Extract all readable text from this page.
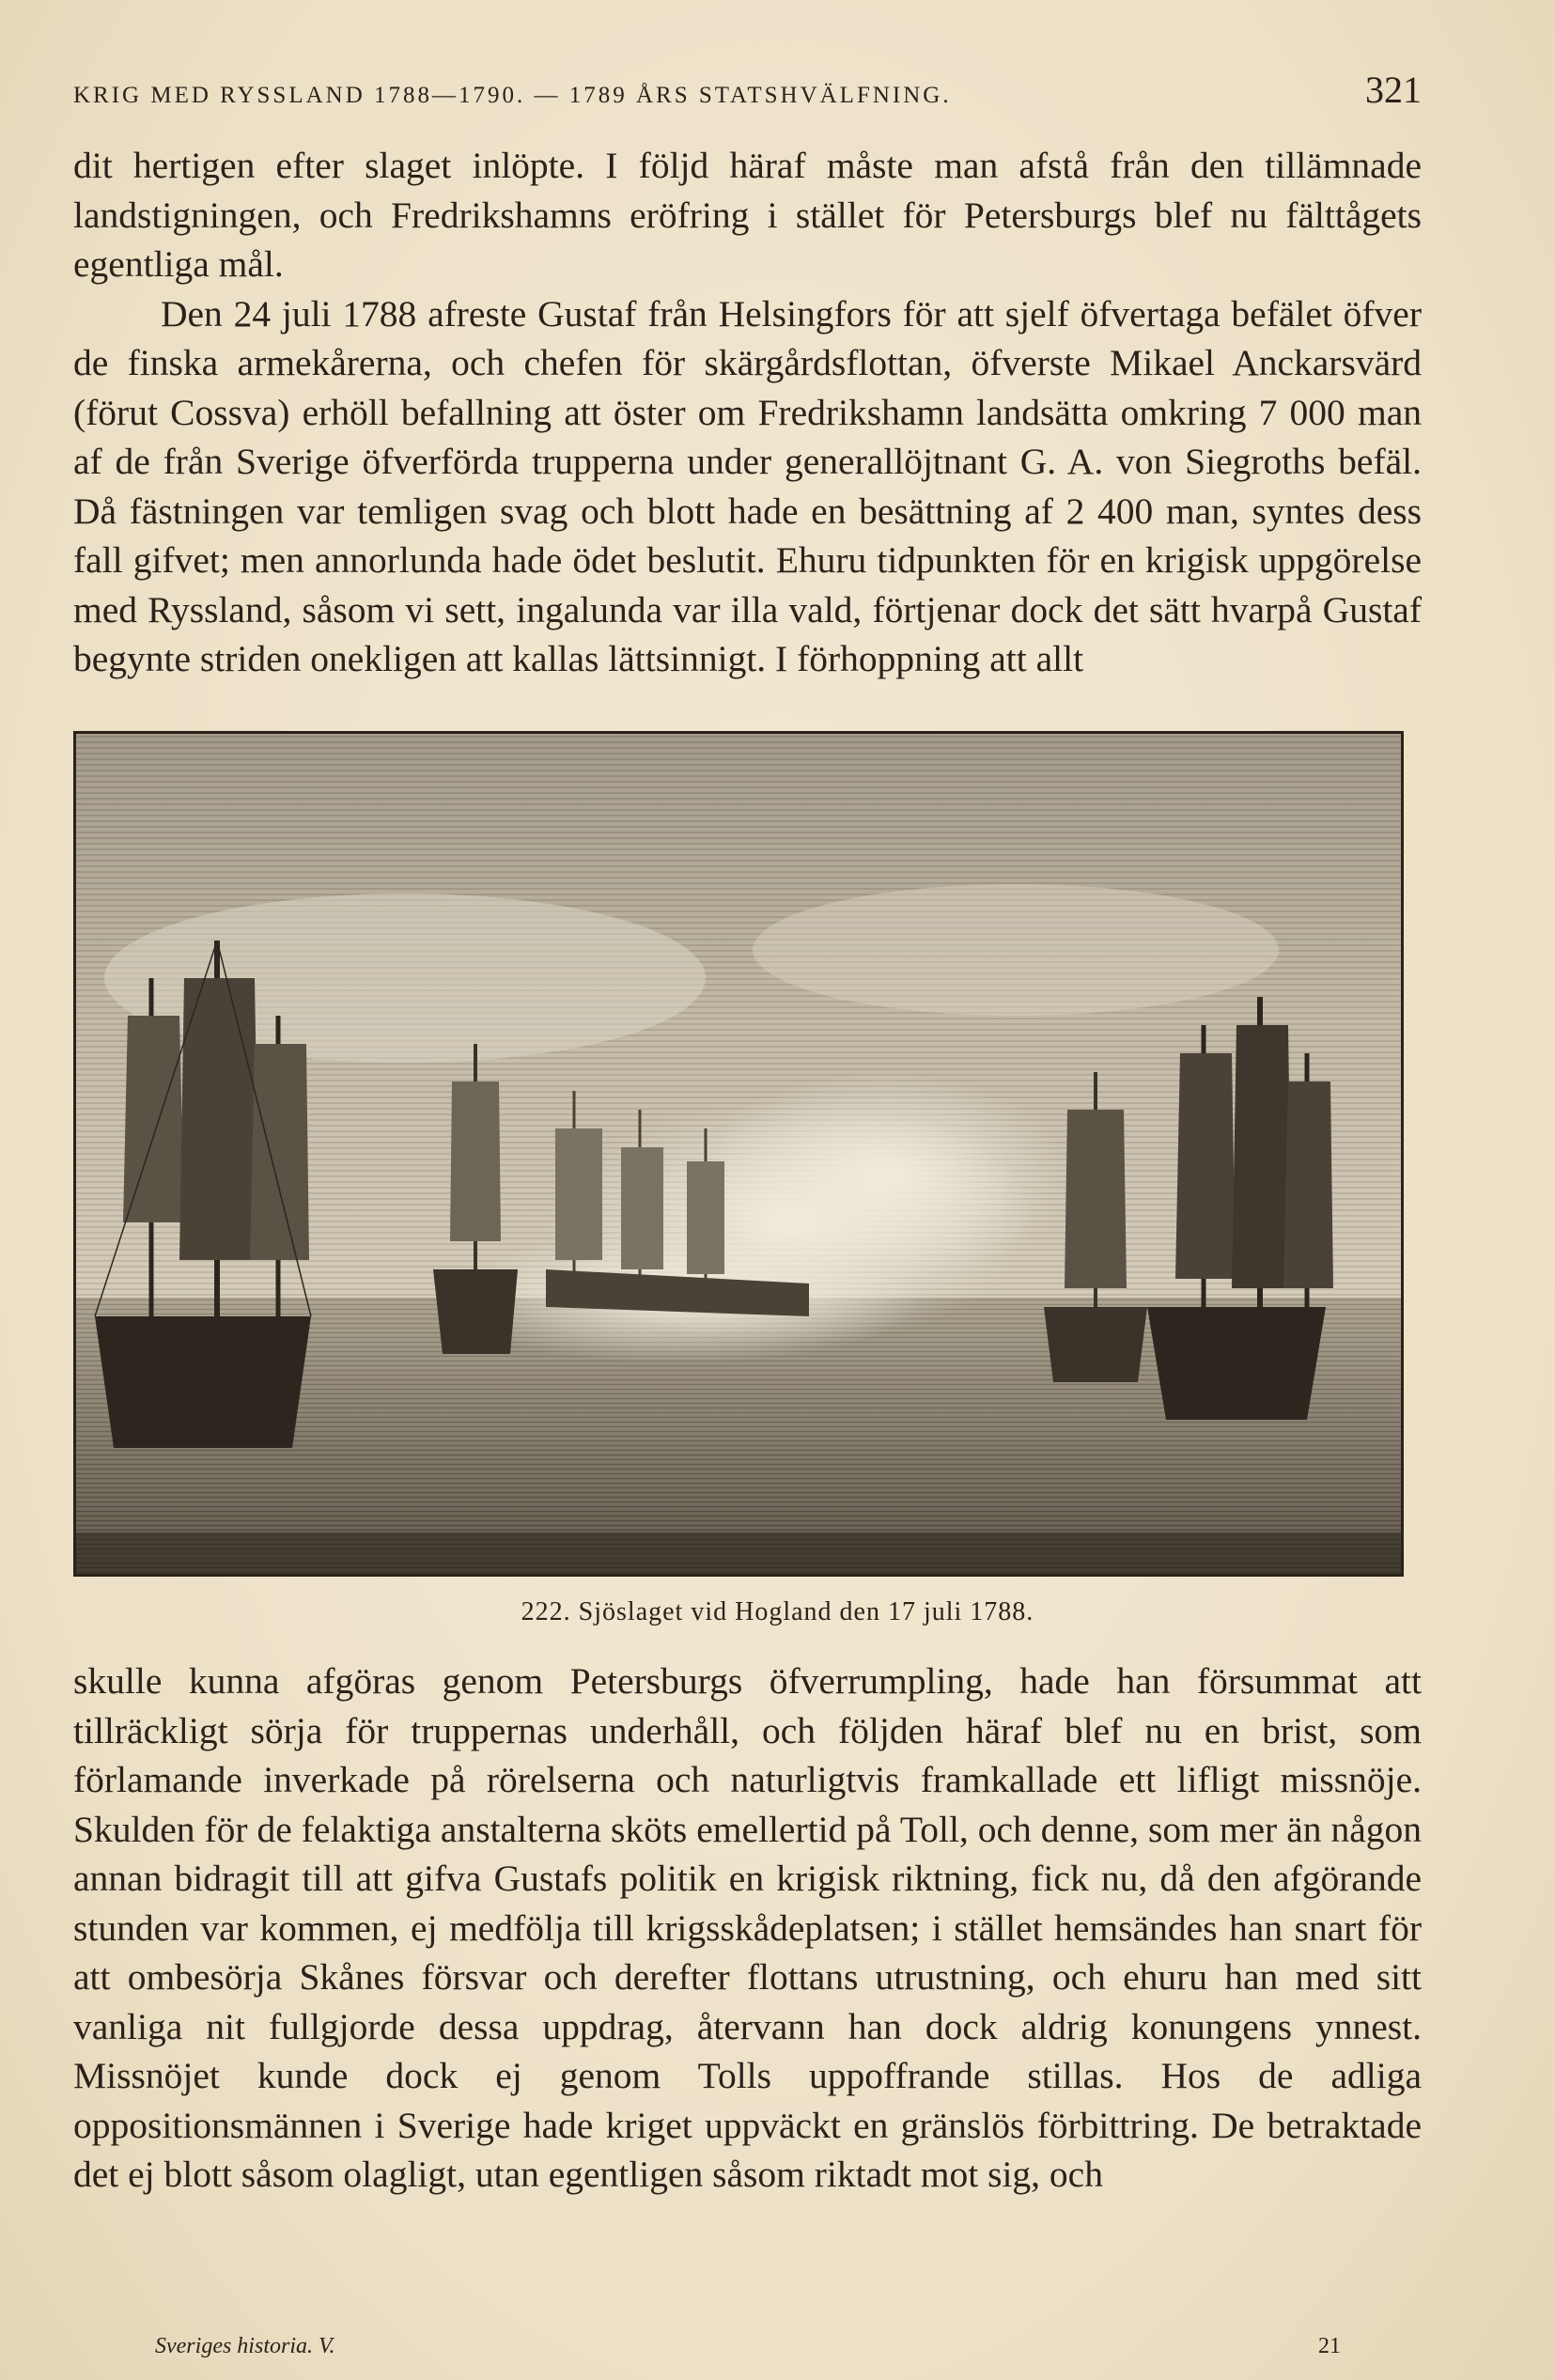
KRIG MED RYSSLAND 1788—1790. — 1789 ÅRS STATSHVÄLFNING.	321

dit hertigen efter slaget inlöpte. I följd häraf måste man afstå från den tillämnade landstigningen, och Fredrikshamns eröfring i stället för Petersburgs blef nu fälttågets egentliga mål.

Den 24 juli 1788 afreste Gustaf från Helsingfors för att sjelf öfvertaga befälet öfver de finska armekårerna, och chefen för skärgårdsflottan, öfverste Mikael Anckarsvärd (förut Cossva) erhöll befallning att öster om Fredrikshamn landsätta omkring 7 000 man af de från Sverige öfverförda trupperna under generallöjtnant G. A. von Siegroths befäl. Då fästningen var temligen svag och blott hade en besättning af 2 400 man, syntes dess fall gifvet; men annorlunda hade ödet beslutit. Ehuru tidpunkten för en krigisk uppgörelse med Ryssland, såsom vi sett, ingalunda var illa vald, förtjenar dock det sätt hvarpå Gustaf begynte striden onekligen att kallas lättsinnigt. I förhoppning att allt

222. Sjöslaget vid Hogland den 17 juli 1788.

skulle kunna afgöras genom Petersburgs öfverrumpling, hade han försummat att tillräckligt sörja för truppernas underhåll, och följden häraf blef nu en brist, som förlamande inverkade på rörelserna och naturligtvis framkallade ett lifligt missnöje. Skulden för de felaktiga anstalterna sköts emellertid på Toll, och denne, som mer än någon annan bidragit till att gifva Gustafs politik en krigisk riktning, fick nu, då den afgörande stunden var kommen, ej medfölja till krigsskådeplatsen; i stället hemsändes han snart för att ombesörja Skånes försvar och derefter flottans utrustning, och ehuru han med sitt vanliga nit fullgjorde dessa uppdrag, återvann han dock aldrig konungens ynnest. Missnöjet kunde dock ej genom Tolls uppoffrande stillas. Hos de adliga oppositionsmännen i Sverige hade kriget uppväckt en gränslös förbittring. De betraktade det ej blott såsom olagligt, utan egentligen såsom riktadt mot sig, och

Sveriges historia. V.	21
